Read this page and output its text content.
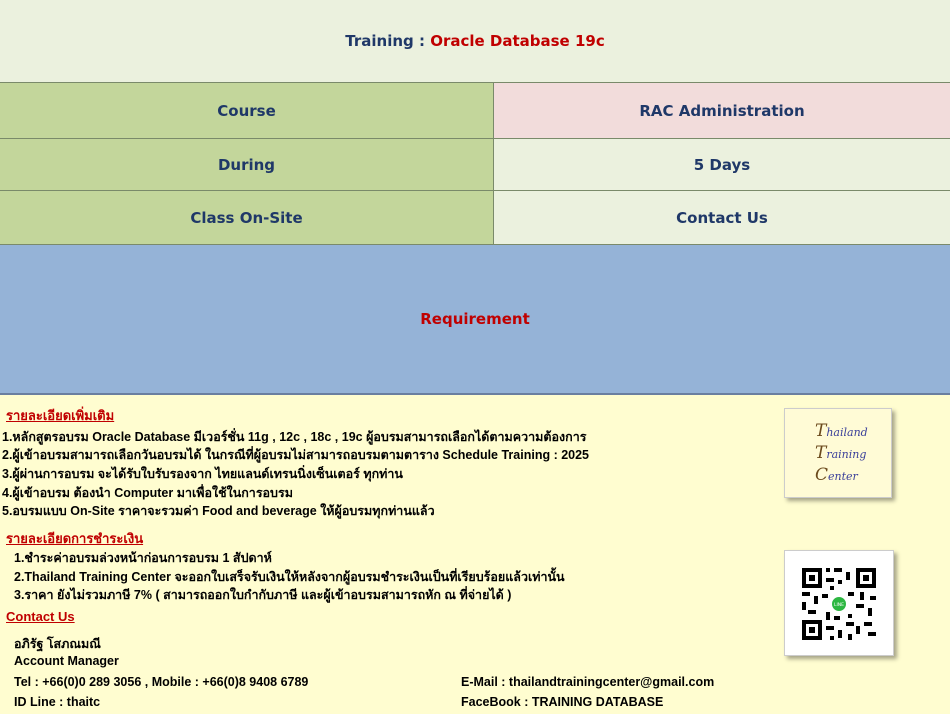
Training :
Oracle Database 19c
Course	RAC Administration
During	5 Days
Class On-Site	Contact Us
Requirement
รายละเอียดเพิ่มเติม
1.หลักสูตรอบรม Oracle Database มีเวอร์ชั่น 11g , 12c , 18c , 19c ผู้อบรมสามารถเลือกได้ตามความต้องการ
2.ผู้เข้าอบรมสามารถเลือกวันอบรมได้ ในกรณีที่ผู้อบรมไม่สามารถอบรมตามตาราง Schedule Training : 2025
3.ผู้ผ่านการอบรม จะได้รับใบรับรองจาก ไทยแลนด์เทรนนิ่งเซ็นเตอร์ ทุกท่าน
4.ผู้เข้าอบรม ต้องนำ Computer มาเพื่อใช้ในการอบรม
5.อบรมแบบ On-Site ราคาจะรวมค่า Food and beverage ให้ผู้อบรมทุกท่านแล้ว
รายละเอียดการชำระเงิน
1.ชำระค่าอบรมล่วงหน้าก่อนการอบรม 1 สัปดาห์
2.Thailand Training Center จะออกใบเสร็จรับเงินให้หลังจากผู้อบรมชำระเงินเป็นที่เรียบร้อยแล้วเท่านั้น
3.ราคา ยังไม่รวมภาษี 7% ( สามารถออกใบกำกับภาษี และผู้เข้าอบรมสามารถหัก ณ ที่จ่ายได้ )
Contact Us
อภิรัฐ โสภณมณี
Account Manager
Tel : +66(0)0 289 3056 , Mobile : +66(0)8 9408 6789
ID Line : thaitc
E-Mail : thailandtrainingcenter@gmail.com
FaceBook : TRAINING DATABASE
Thailand
Training
Center
LINE
